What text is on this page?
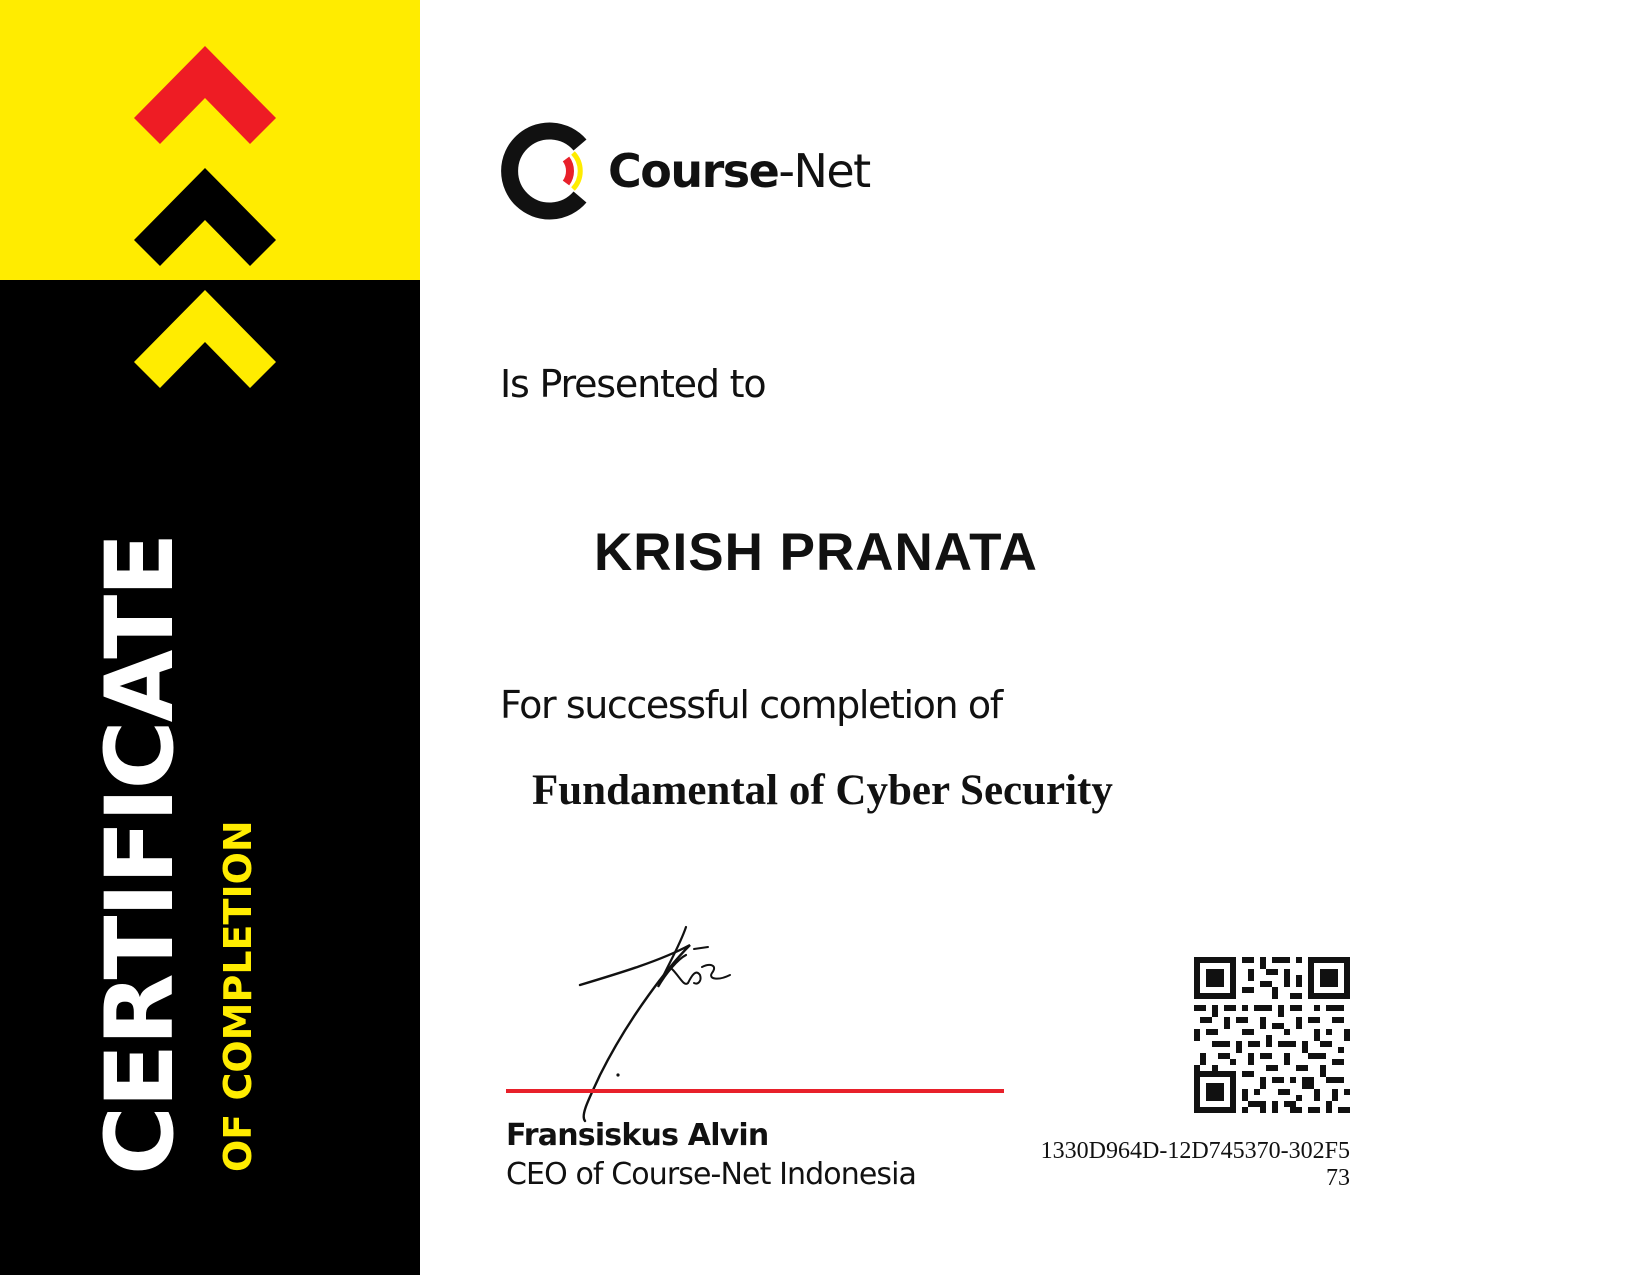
CERTIFICATE OF COMPLETION
Course-Net
Is Presented to
KRISH PRANATA
For successful completion of
Fundamental of Cyber Security
Fransiskus Alvin
CEO of Course-Net Indonesia
1330D964D-12D745370-302F5
73
